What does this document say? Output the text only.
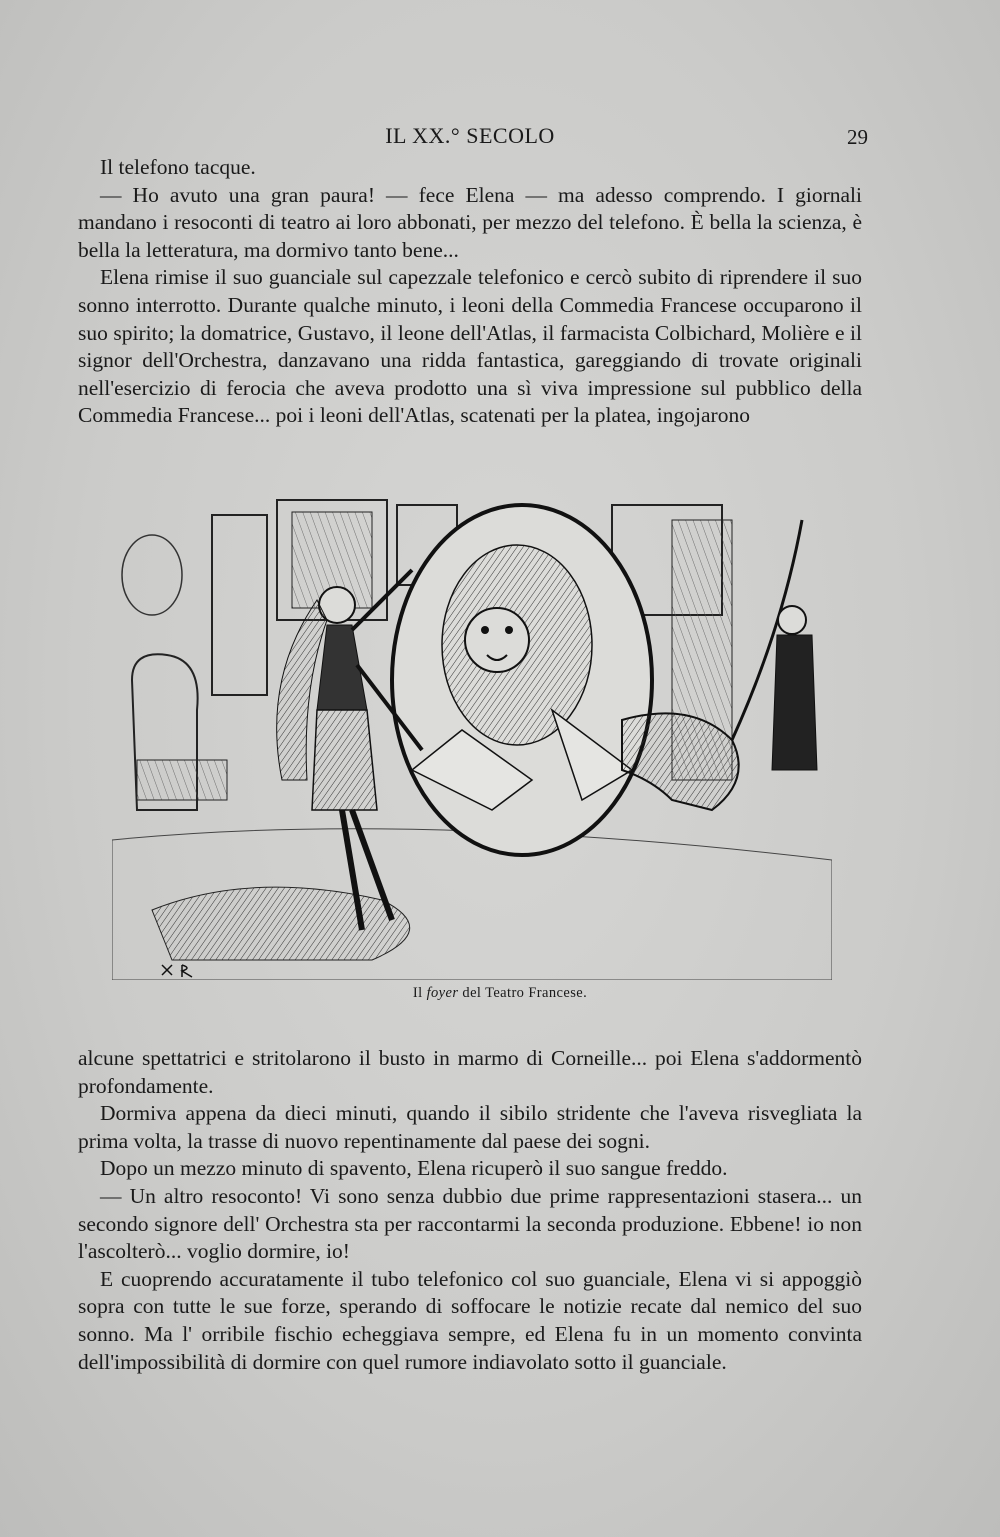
IL XX.° SECOLO	29

Il telefono tacque.

— Ho avuto una gran paura! — fece Elena — ma adesso comprendo. I giornali mandano i resoconti di teatro ai loro abbonati, per mezzo del telefono. È bella la scienza, è bella la letteratura, ma dormivo tanto bene...

Elena rimise il suo guanciale sul capezzale telefonico e cercò subito di riprendere il suo sonno interrotto. Durante qualche minuto, i leoni della Commedia Francese occuparono il suo spirito; la domatrice, Gustavo, il leone dell'Atlas, il farmacista Colbichard, Molière e il signor dell'Orchestra, danzavano una ridda fantastica, gareggiando di trovate originali nell'esercizio di ferocia che aveva prodotto una sì viva impressione sul pubblico della Commedia Francese... poi i leoni dell'Atlas, scatenati per la platea, ingojarono

Il foyer del Teatro Francese.

alcune spettatrici e stritolarono il busto in marmo di Corneille... poi Elena s'addormentò profondamente.

Dormiva appena da dieci minuti, quando il sibilo stridente che l'aveva risvegliata la prima volta, la trasse di nuovo repentinamente dal paese dei sogni.

Dopo un mezzo minuto di spavento, Elena ricuperò il suo sangue freddo.

— Un altro resoconto! Vi sono senza dubbio due prime rappresentazioni stasera... un secondo signore dell' Orchestra sta per raccontarmi la seconda produzione. Ebbene! io non l'ascolterò... voglio dormire, io!

E cuoprendo accuratamente il tubo telefonico col suo guanciale, Elena vi si appoggiò sopra con tutte le sue forze, sperando di soffocare le notizie recate dal nemico del suo sonno. Ma l' orribile fischio echeggiava sempre, ed Elena fu in un momento convinta dell'impossibilità di dormire con quel rumore indiavolato sotto il guanciale.
